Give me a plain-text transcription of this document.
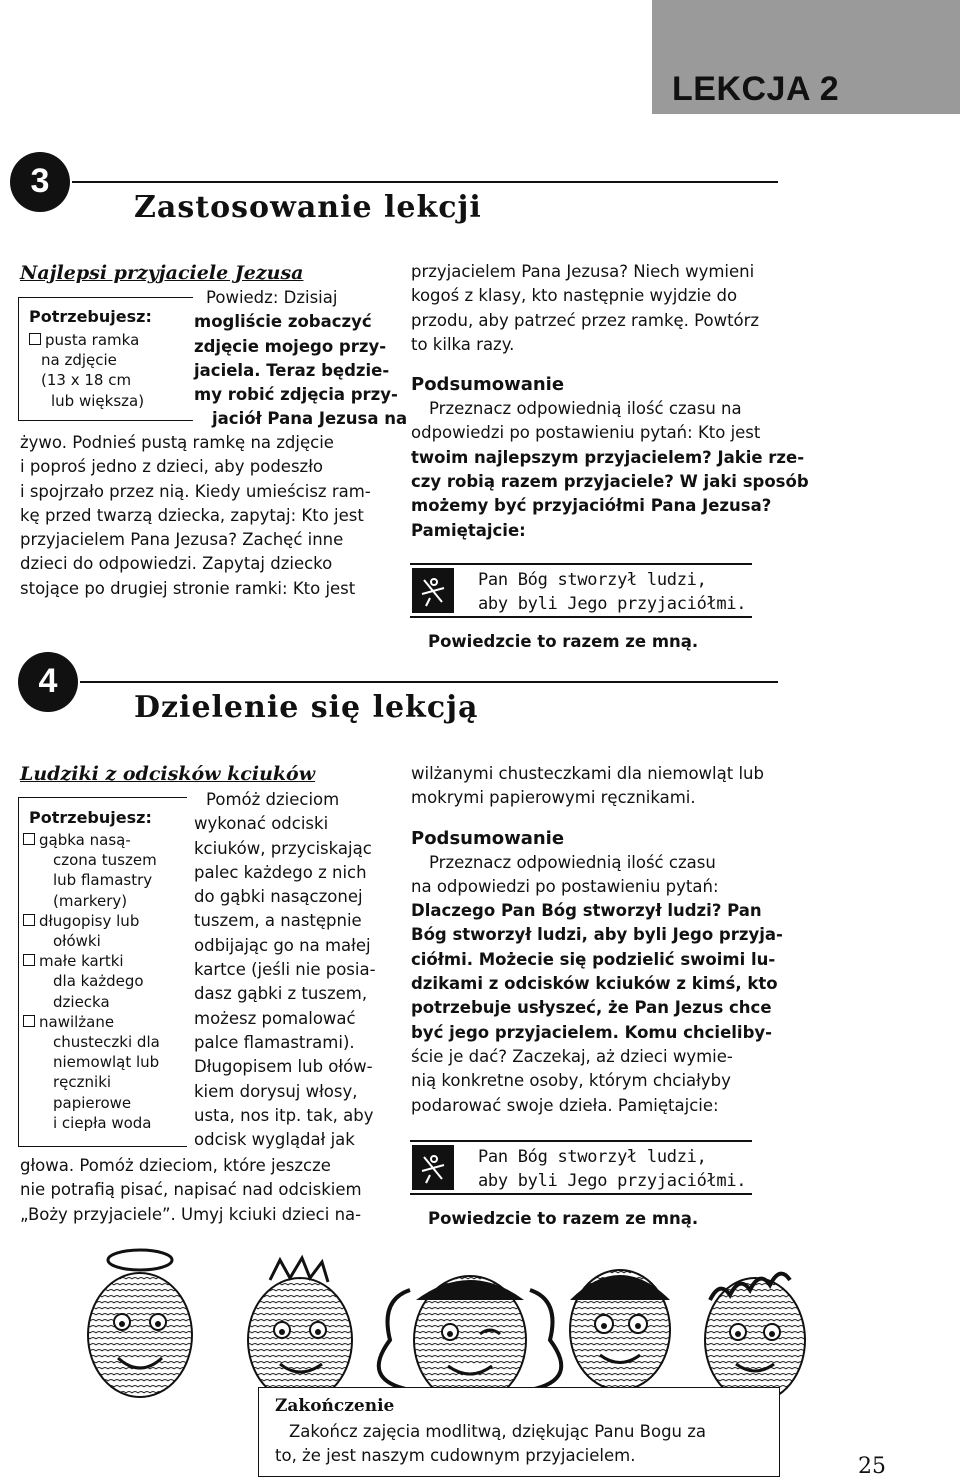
LEKCJA 2
3
Zastosowanie lekcji
Najlepsi przyjaciele Jezusa
Potrzebujesz:
pusta ramka
na zdjęcie
(13 x 18 cm
lub większa)
Powiedz: Dzisiaj
mogliście zobaczyć
zdjęcie mojego przy-
jaciela. Teraz będzie-
my robić zdjęcia przy-
jaciół Pana Jezusa na
żywo. Podnieś pustą ramkę na zdjęcie
i poproś jedno z dzieci, aby podeszło
i spojrzało przez nią. Kiedy umieścisz ram-
kę przed twarzą dziecka, zapytaj: Kto jest
przyjacielem Pana Jezusa? Zachęć inne
dzieci do odpowiedzi. Zapytaj dziecko
stojące po drugiej stronie ramki: Kto jest
przyjacielem Pana Jezusa? Niech wymieni
kogoś z klasy, kto następnie wyjdzie do
przodu, aby patrzeć przez ramkę. Powtórz
to kilka razy.
Podsumowanie
Przeznacz odpowiednią ilość czasu na
odpowiedzi po postawieniu pytań: Kto jest
twoim najlepszym przyjacielem? Jakie rze-
czy robią razem przyjaciele? W jaki sposób
możemy być przyjaciółmi Pana Jezusa?
Pamiętajcie:
Pan Bóg stworzył ludzi,
aby byli Jego przyjaciółmi.
Powiedzcie to razem ze mną.
4
Dzielenie się lekcją
Ludziki z odcisków kciuków
Potrzebujesz:
gąbka nasą-
czona tuszem
lub flamastry
(markery)
długopisy lub
ołówki
małe kartki
dla każdego
dziecka
nawilżane
chusteczki dla
niemowląt lub
ręczniki
papierowe
i ciepła woda
Pomóż dzieciom
wykonać odciski
kciuków, przyciskając
palec każdego z nich
do gąbki nasączonej
tuszem, a następnie
odbijając go na małej
kartce (jeśli nie posia-
dasz gąbki z tuszem,
możesz pomalować
palce flamastrami).
Długopisem lub ołów-
kiem dorysuj włosy,
usta, nos itp. tak, aby
odcisk wyglądał jak
głowa. Pomóż dzieciom, które jeszcze
nie potrafią pisać, napisać nad odciskiem
„Boży przyjaciele”. Umyj kciuki dzieci na-
wilżanymi chusteczkami dla niemowląt lub
mokrymi papierowymi ręcznikami.
Podsumowanie
Przeznacz odpowiednią ilość czasu
na odpowiedzi po postawieniu pytań:
Dlaczego Pan Bóg stworzył ludzi? Pan
Bóg stworzył ludzi, aby byli Jego przyja-
ciółmi. Możecie się podzielić swoimi lu-
dzikami z odcisków kciuków z kimś, kto
potrzebuje usłyszeć, że Pan Jezus chce
być jego przyjacielem. Komu chcieliby-
ście je dać? Zaczekaj, aż dzieci wymie-
nią konkretne osoby, którym chciałyby
podarować swoje dzieła. Pamiętajcie:
Pan Bóg stworzył ludzi,
aby byli Jego przyjaciółmi.
Powiedzcie to razem ze mną.
Zakończenie
Zakończ zajęcia modlitwą, dziękując Panu Bogu za
to, że jest naszym cudownym przyjacielem.	25
